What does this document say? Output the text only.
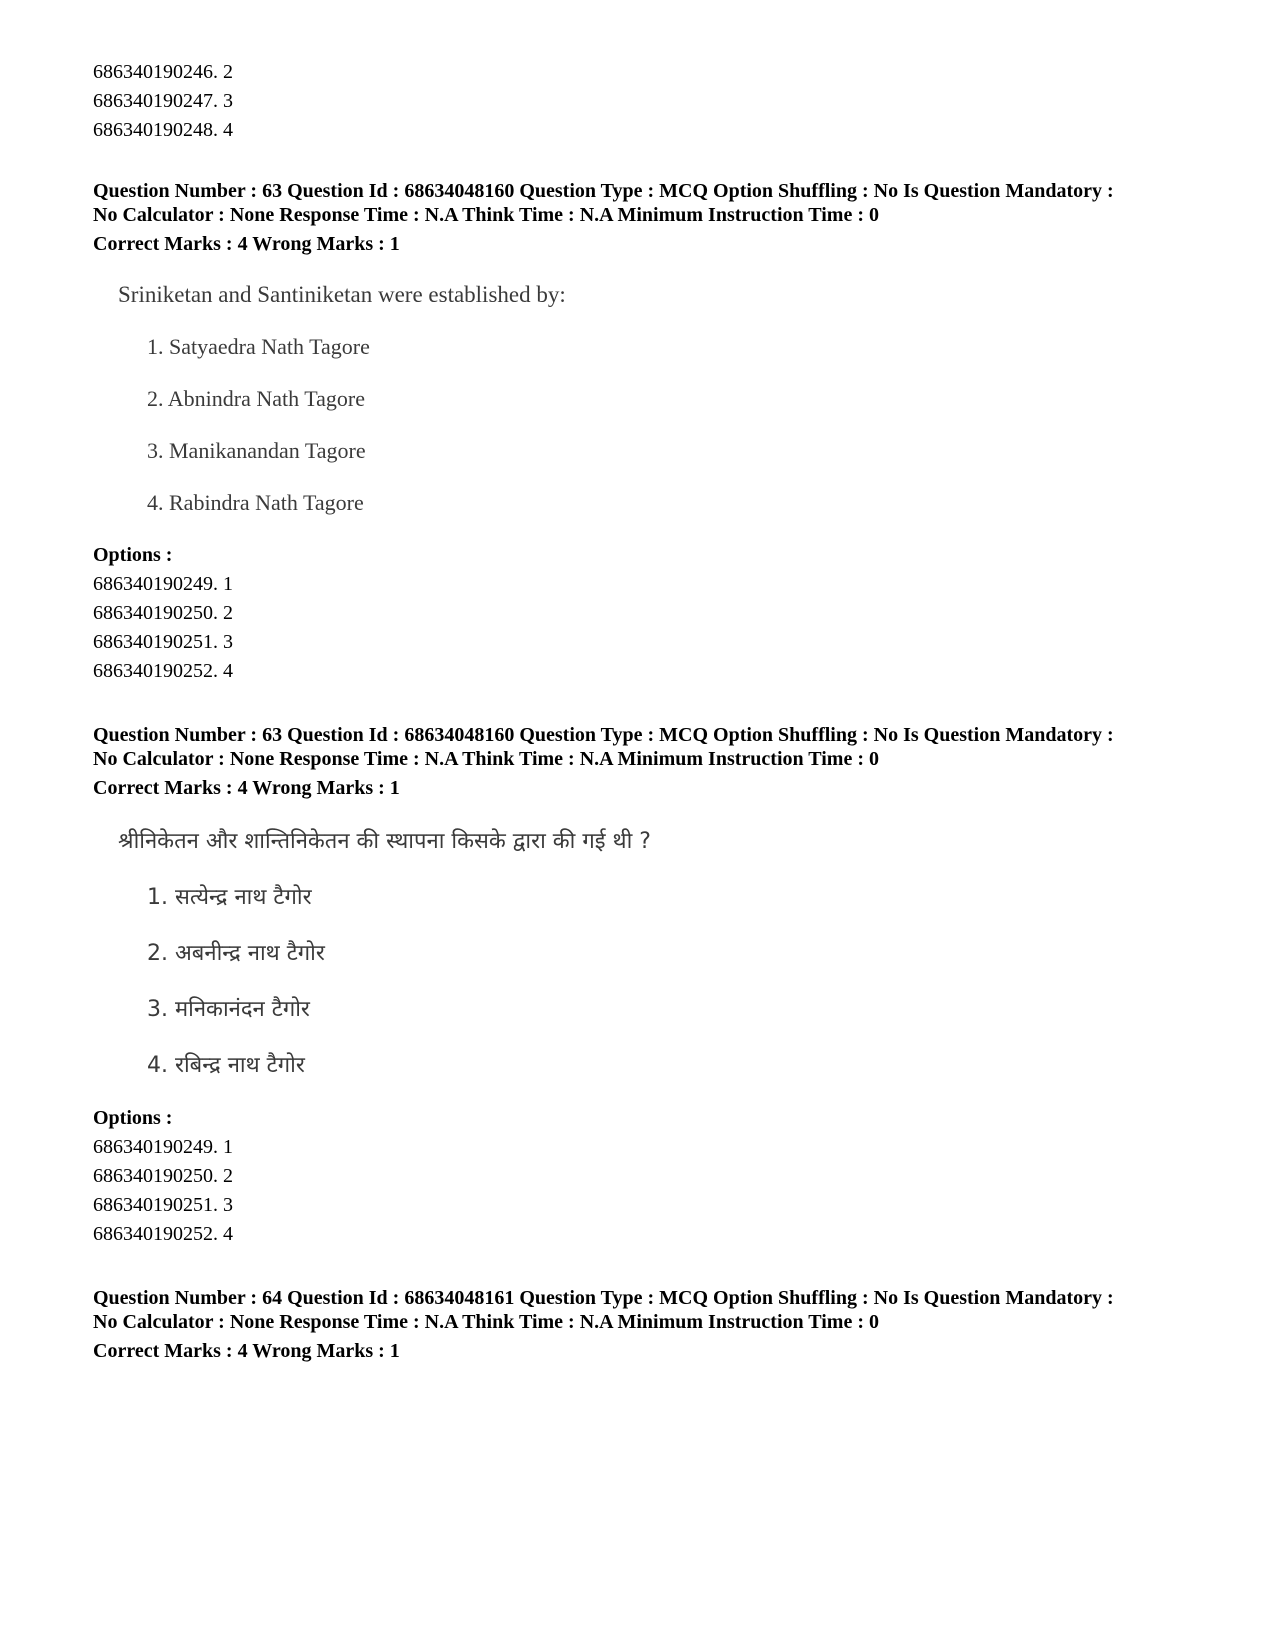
686340190246. 2
686340190247. 3
686340190248. 4
Question Number : 63 Question Id : 68634048160 Question Type : MCQ Option Shuffling : No Is Question Mandatory :
No Calculator : None Response Time : N.A Think Time : N.A Minimum Instruction Time : 0
Correct Marks : 4 Wrong Marks : 1
Sriniketan and Santiniketan were established by:
1. Satyaedra Nath Tagore
2. Abnindra Nath Tagore
3. Manikanandan Tagore
4. Rabindra Nath Tagore
Options :
686340190249. 1
686340190250. 2
686340190251. 3
686340190252. 4
Question Number : 63 Question Id : 68634048160 Question Type : MCQ Option Shuffling : No Is Question Mandatory :
No Calculator : None Response Time : N.A Think Time : N.A Minimum Instruction Time : 0
Correct Marks : 4 Wrong Marks : 1
श्रीनिकेतन और शान्तिनिकेतन की स्थापना किसके द्वारा की गई थी ?
1. सत्येन्द्र नाथ टैगोर
2. अबनीन्द्र नाथ टैगोर
3. मनिकानंदन टैगोर
4. रबिन्द्र नाथ टैगोर
Options :
686340190249. 1
686340190250. 2
686340190251. 3
686340190252. 4
Question Number : 64 Question Id : 68634048161 Question Type : MCQ Option Shuffling : No Is Question Mandatory :
No Calculator : None Response Time : N.A Think Time : N.A Minimum Instruction Time : 0
Correct Marks : 4 Wrong Marks : 1
